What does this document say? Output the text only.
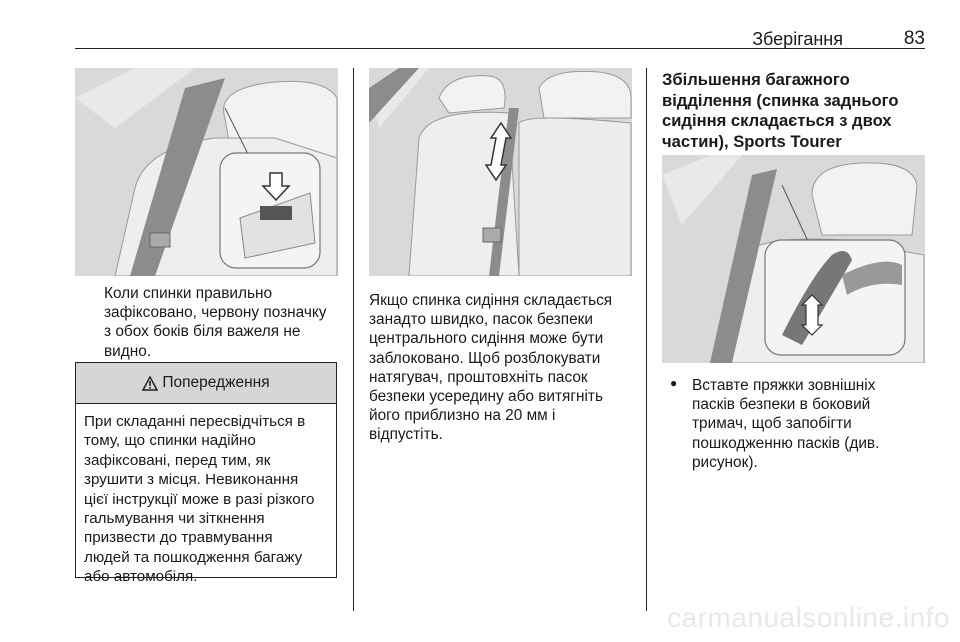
Зберігання	83
Коли спинки правильно
зафіксовано, червону позначку
з обох боків біля важеля не
видно.
Попередження
При складанні пересвідчіться в
тому, що спинки надійно
зафіксовані, перед тим, як
зрушити з місця. Невиконання
цієї інструкції може в разі різкого
гальмування чи зіткнення
призвести до травмування
людей та пошкодження багажу
або автомобіля.
Якщо спинка сидіння складається
занадто швидко, пасок безпеки
центрального сидіння може бути
заблоковано. Щоб розблокувати
натягувач, проштовхніть пасок
безпеки усередину або витягніть
його приблизно на 20 мм і
відпустіть.
Збільшення багажного
відділення (спинка заднього
сидіння складається з двох
частин), Sports Tourer
● Вставте пряжки зовнішніх
пасків безпеки в боковий
тримач, щоб запобігти
пошкодженню пасків (див.
рисунок).
carmanualsonline.info
